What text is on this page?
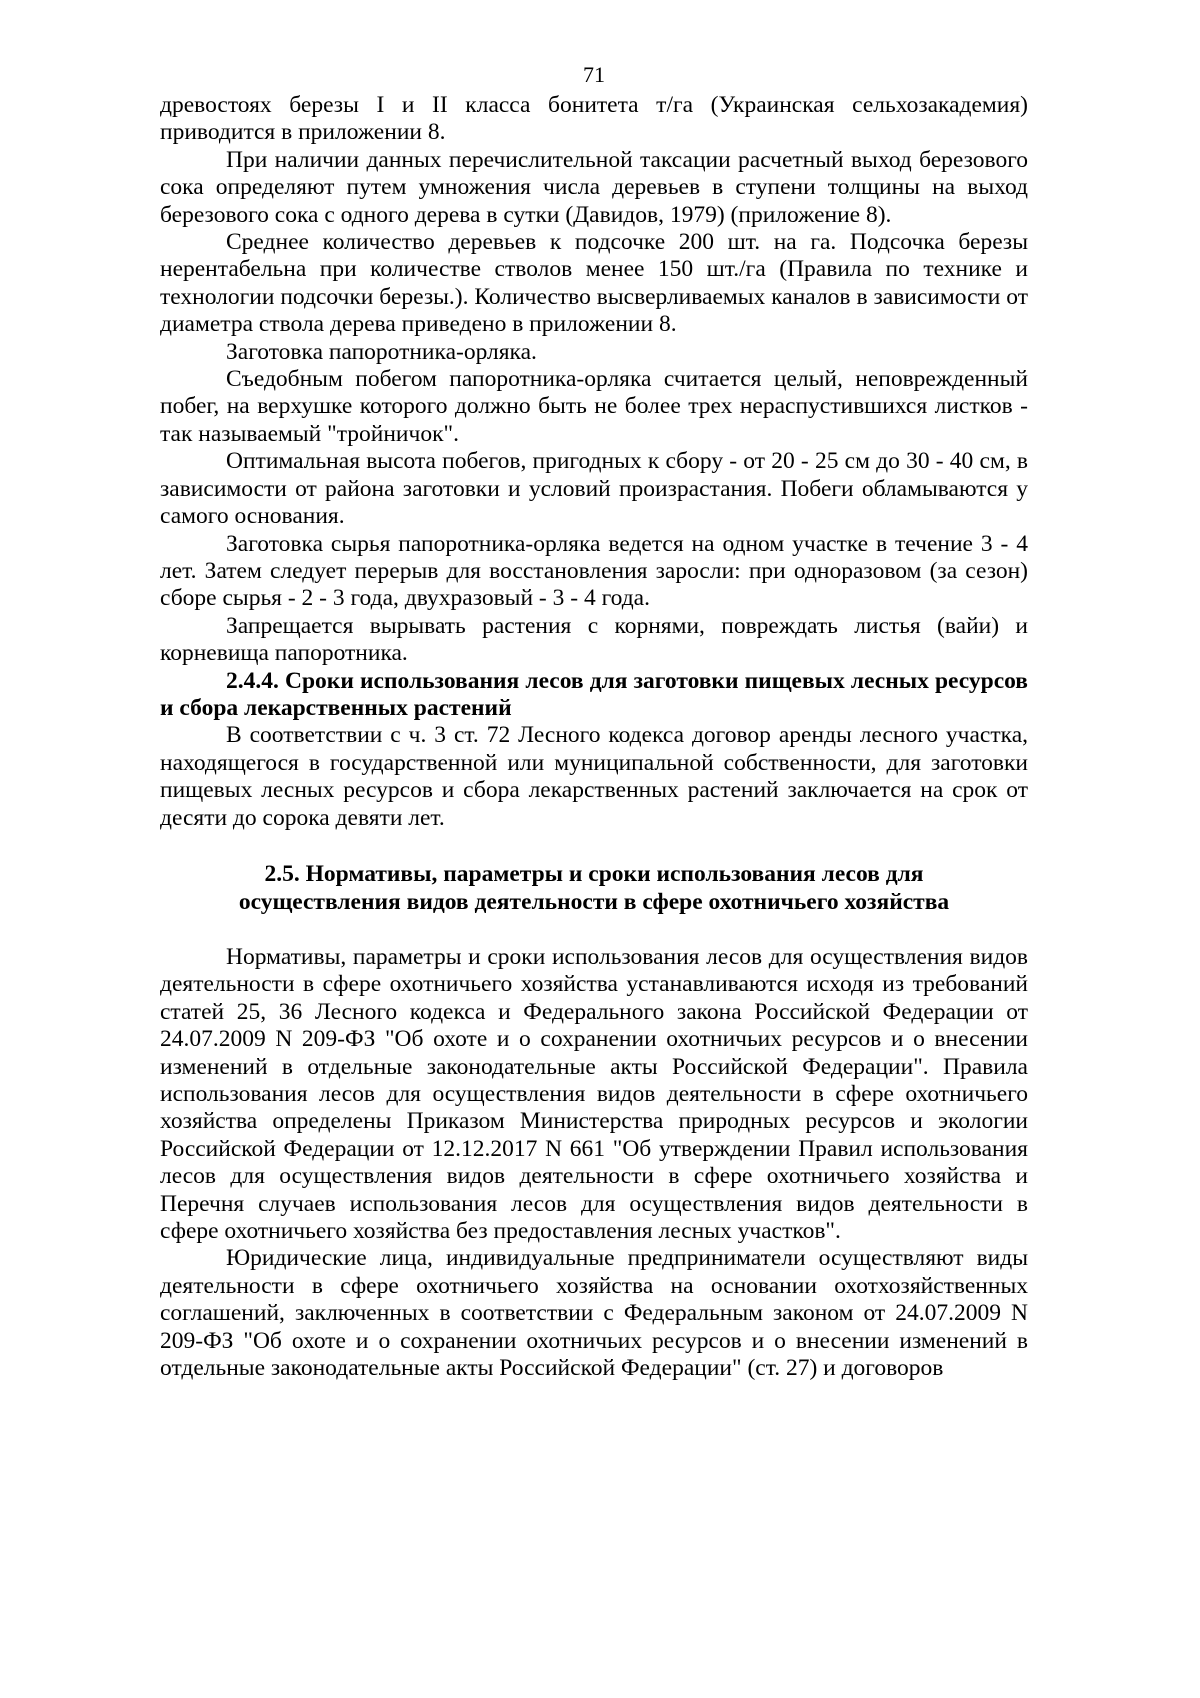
71

древостоях березы I и II класса бонитета т/га (Украинская сельхозакадемия) приводится в приложении 8.

При наличии данных перечислительной таксации расчетный выход березового сока определяют путем умножения числа деревьев в ступени толщины на выход березового сока с одного дерева в сутки (Давидов, 1979) (приложение 8).

Среднее количество деревьев к подсочке 200 шт. на га. Подсочка березы нерентабельна при количестве стволов менее 150 шт./га (Правила по технике и технологии подсочки березы.). Количество высверливаемых каналов в зависимости от диаметра ствола дерева приведено в приложении 8.

Заготовка папоротника-орляка.

Съедобным побегом папоротника-орляка считается целый, неповрежденный побег, на верхушке которого должно быть не более трех нераспустившихся листков - так называемый "тройничок".

Оптимальная высота побегов, пригодных к сбору - от 20 - 25 см до 30 - 40 см, в зависимости от района заготовки и условий произрастания. Побеги обламываются у самого основания.

Заготовка сырья папоротника-орляка ведется на одном участке в течение 3 - 4 лет. Затем следует перерыв для восстановления заросли: при одноразовом (за сезон) сборе сырья - 2 - 3 года, двухразовый - 3 - 4 года.

Запрещается вырывать растения с корнями, повреждать листья (вайи) и корневища папоротника.

2.4.4. Сроки использования лесов для заготовки пищевых лесных ресурсов и сбора лекарственных растений

В соответствии с ч. 3 ст. 72 Лесного кодекса договор аренды лесного участка, находящегося в государственной или муниципальной собственности, для заготовки пищевых лесных ресурсов и сбора лекарственных растений заключается на срок от десяти до сорока девяти лет.

2.5. Нормативы, параметры и сроки использования лесов для

осуществления видов деятельности в сфере охотничьего хозяйства

Нормативы, параметры и сроки использования лесов для осуществления видов деятельности в сфере охотничьего хозяйства устанавливаются исходя из требований статей 25, 36 Лесного кодекса и Федерального закона Российской Федерации от 24.07.2009 N 209-ФЗ "Об охоте и о сохранении охотничьих ресурсов и о внесении изменений в отдельные законодательные акты Российской Федерации". Правила использования лесов для осуществления видов деятельности в сфере охотничьего хозяйства определены Приказом Министерства природных ресурсов и экологии Российской Федерации от 12.12.2017 N 661 "Об утверждении Правил использования лесов для осуществления видов деятельности в сфере охотничьего хозяйства и Перечня случаев использования лесов для осуществления видов деятельности в сфере охотничьего хозяйства без предоставления лесных участков".

Юридические лица, индивидуальные предприниматели осуществляют виды деятельности в сфере охотничьего хозяйства на основании охотхозяйственных соглашений, заключенных в соответствии с Федеральным законом от 24.07.2009 N 209-ФЗ "Об охоте и о сохранении охотничьих ресурсов и о внесении изменений в отдельные законодательные акты Российской Федерации" (ст. 27) и договоров
